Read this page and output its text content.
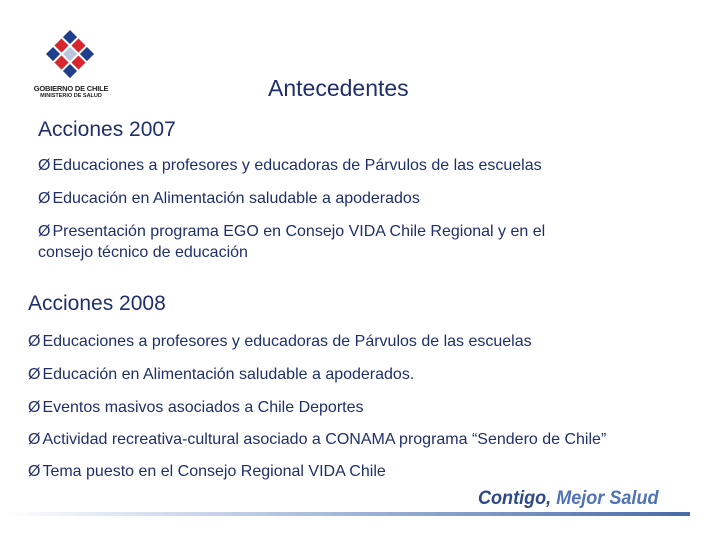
GOBIERNO DE CHILE
MINISTERIO DE SALUD	Antecedentes
Acciones 2007
Ø Educaciones a profesores y educadoras de Párvulos de las escuelas
Ø Educación en Alimentación saludable a apoderados
Ø Presentación programa EGO en Consejo VIDA Chile Regional y en el
consejo técnico de educación
Acciones 2008
Ø Educaciones a profesores y educadoras de Párvulos de las escuelas
Ø Educación en Alimentación saludable a apoderados.
Ø Eventos masivos asociados a Chile Deportes
Ø Actividad recreativa-cultural asociado a CONAMA programa “Sendero de Chile”
Ø Tema puesto en el Consejo Regional VIDA Chile
Contigo, Mejor Salud
